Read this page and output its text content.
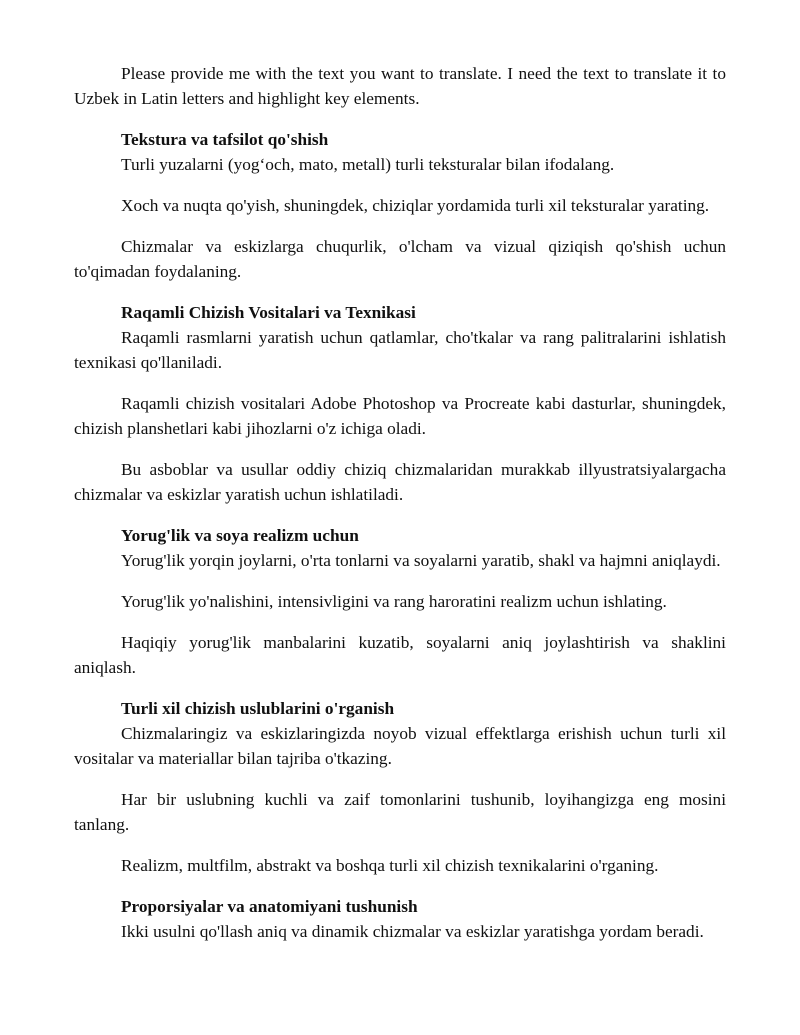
Please provide me with the text you want to translate. I need the text to translate it to Uzbek in Latin letters and highlight key elements.

Tekstura va tafsilot qo'shish

Turli yuzalarni (yog‘och, mato, metall) turli teksturalar bilan ifodalang.

Xoch va nuqta qo'yish, shuningdek, chiziqlar yordamida turli xil teksturalar yarating.

Chizmalar va eskizlarga chuqurlik, o'lcham va vizual qiziqish qo'shish uchun to'qimadan foydalaning.

Raqamli Chizish Vositalari va Texnikasi

Raqamli rasmlarni yaratish uchun qatlamlar, cho'tkalar va rang palitralarini ishlatish texnikasi qo'llaniladi.

Raqamli chizish vositalari Adobe Photoshop va Procreate kabi dasturlar, shuningdek, chizish planshetlari kabi jihozlarni o'z ichiga oladi.

Bu asboblar va usullar oddiy chiziq chizmalaridan murakkab illyustratsiyalargacha chizmalar va eskizlar yaratish uchun ishlatiladi.

Yorug'lik va soya realizm uchun

Yorug'lik yorqin joylarni, o'rta tonlarni va soyalarni yaratib, shakl va hajmni aniqlaydi.

Yorug'lik yo'nalishini, intensivligini va rang haroratini realizm uchun ishlating.

Haqiqiy yorug'lik manbalarini kuzatib, soyalarni aniq joylashtirish va shaklini aniqlash.

Turli xil chizish uslublarini o'rganish

Chizmalaringiz va eskizlaringizda noyob vizual effektlarga erishish uchun turli xil vositalar va materiallar bilan tajriba o'tkazing.

Har bir uslubning kuchli va zaif tomonlarini tushunib, loyihangizga eng mosini tanlang.

Realizm, multfilm, abstrakt va boshqa turli xil chizish texnikalarini o'rganing.

Proporsiyalar va anatomiyani tushunish

Ikki usulni qo'llash aniq va dinamik chizmalar va eskizlar yaratishga yordam beradi.
